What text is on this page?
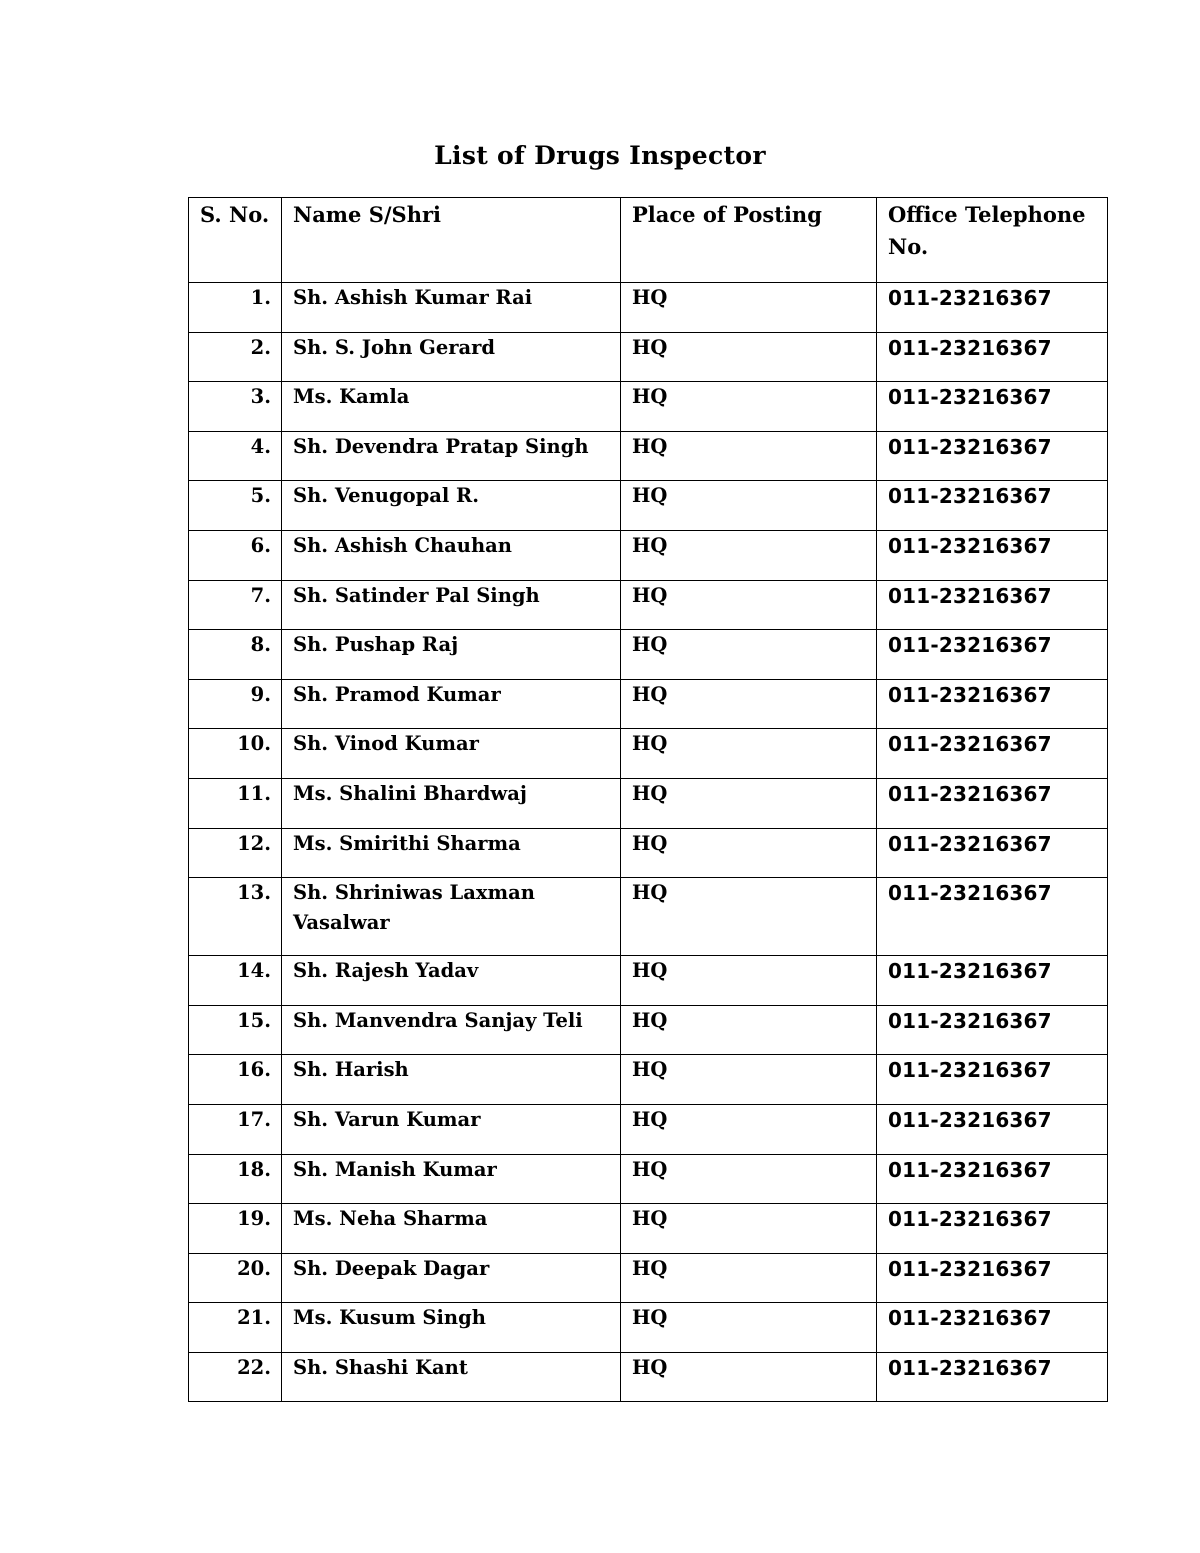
List of Drugs Inspector
S. No.	Name S/Shri	Place of Posting	Office Telephone No.
1.	Sh. Ashish Kumar Rai	HQ	011-23216367
2.	Sh. S. John Gerard	HQ	011-23216367
3.	Ms. Kamla	HQ	011-23216367
4.	Sh. Devendra Pratap Singh	HQ	011-23216367
5.	Sh. Venugopal R.	HQ	011-23216367
6.	Sh. Ashish Chauhan	HQ	011-23216367
7.	Sh. Satinder Pal Singh	HQ	011-23216367
8.	Sh. Pushap Raj	HQ	011-23216367
9.	Sh. Pramod Kumar	HQ	011-23216367
10.	Sh. Vinod Kumar	HQ	011-23216367
11.	Ms. Shalini Bhardwaj	HQ	011-23216367
12.	Ms. Smirithi Sharma	HQ	011-23216367
13.	Sh. Shriniwas Laxman Vasalwar	HQ	011-23216367
14.	Sh. Rajesh Yadav	HQ	011-23216367
15.	Sh. Manvendra Sanjay Teli	HQ	011-23216367
16.	Sh. Harish	HQ	011-23216367
17.	Sh. Varun Kumar	HQ	011-23216367
18.	Sh. Manish Kumar	HQ	011-23216367
19.	Ms. Neha Sharma	HQ	011-23216367
20.	Sh. Deepak Dagar	HQ	011-23216367
21.	Ms. Kusum Singh	HQ	011-23216367
22.	Sh. Shashi Kant	HQ	011-23216367
